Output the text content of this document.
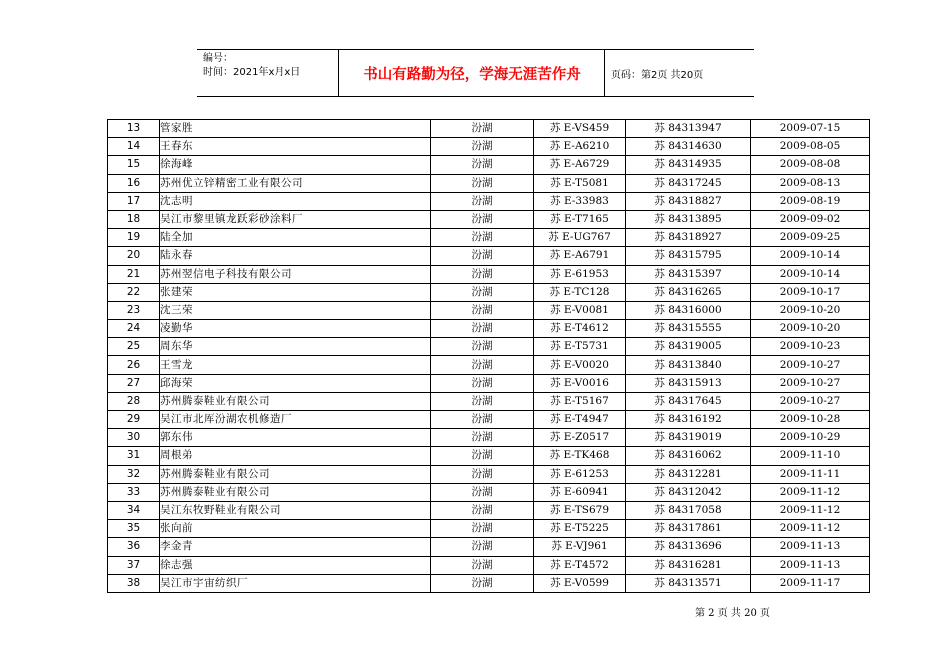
编号：
时间：2021年x月x日	书山有路勤为径，学海无涯苦作舟	页码：第2页 共20页
13	管家胜	汾湖	苏 E-VS459	苏 84313947	2009-07-15
14	王春东	汾湖	苏 E-A6210	苏 84314630	2009-08-05
15	徐海峰	汾湖	苏 E-A6729	苏 84314935	2009-08-08
16	苏州优立锌精密工业有限公司	汾湖	苏 E-T5081	苏 84317245	2009-08-13
17	沈志明	汾湖	苏 E-33983	苏 84318827	2009-08-19
18	吴江市黎里镇龙跃彩砂涂料厂	汾湖	苏 E-T7165	苏 84313895	2009-09-02
19	陆全加	汾湖	苏 E-UG767	苏 84318927	2009-09-25
20	陆永春	汾湖	苏 E-A6791	苏 84315795	2009-10-14
21	苏州翌信电子科技有限公司	汾湖	苏 E-61953	苏 84315397	2009-10-14
22	张建荣	汾湖	苏 E-TC128	苏 84316265	2009-10-17
23	沈三荣	汾湖	苏 E-V0081	苏 84316000	2009-10-20
24	凌勤华	汾湖	苏 E-T4612	苏 84315555	2009-10-20
25	周东华	汾湖	苏 E-T5731	苏 84319005	2009-10-23
26	王雪龙	汾湖	苏 E-V0020	苏 84313840	2009-10-27
27	邱海荣	汾湖	苏 E-V0016	苏 84315913	2009-10-27
28	苏州腾泰鞋业有限公司	汾湖	苏 E-T5167	苏 84317645	2009-10-27
29	吴江市北厍汾湖农机修造厂	汾湖	苏 E-T4947	苏 84316192	2009-10-28
30	郭东伟	汾湖	苏 E-Z0517	苏 84319019	2009-10-29
31	周根弟	汾湖	苏 E-TK468	苏 84316062	2009-11-10
32	苏州腾泰鞋业有限公司	汾湖	苏 E-61253	苏 84312281	2009-11-11
33	苏州腾泰鞋业有限公司	汾湖	苏 E-60941	苏 84312042	2009-11-12
34	吴江东牧野鞋业有限公司	汾湖	苏 E-TS679	苏 84317058	2009-11-12
35	张向前	汾湖	苏 E-T5225	苏 84317861	2009-11-12
36	李金青	汾湖	苏 E-VJ961	苏 84313696	2009-11-13
37	徐志强	汾湖	苏 E-T4572	苏 84316281	2009-11-13
38	吴江市宇宙纺织厂	汾湖	苏 E-V0599	苏 84313571	2009-11-17
第 2 页 共 20 页
